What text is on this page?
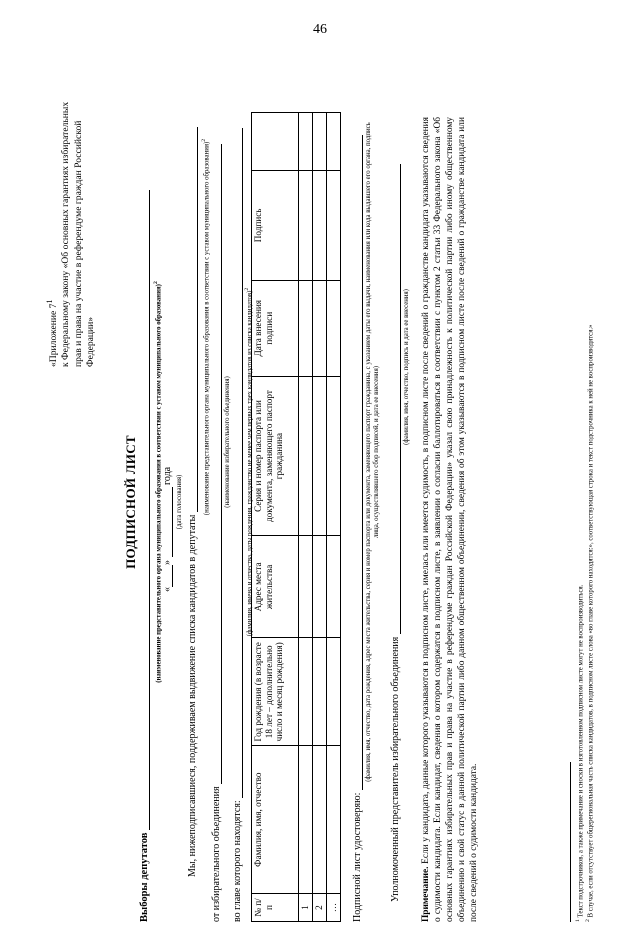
46
«Приложение $7^1$ к Федеральному закону «Об основных гарантиях избирательных прав и права на участие в референдуме граждан Российской Федерации»
ПОДПИСНОЙ ЛИСТ
Выборы депутатов
(наименование представительного органа муниципального образования в соответствии с уставом муниципального образования)$^2$
«»  года (дата голосования)
Мы, нижеподписавшиеся, поддерживаем выдвижение списка кандидатов в депутаты
(наименование представительного органа муниципального образования в соответствии с уставом муниципального образования)$^2$
от избирательного объединения
(наименование избирательного объединения)
во главе которого находятся:
(фамилии, имена и отчества, даты рождения, гражданство не менее чем первых трех кандидатов из списка кандидатов)$^2$
№ п/п	Фамилия, имя, отчество	Год рождения (в возрасте 18 лет – дополнительно число и месяц рождения)	Адрес места жительства	Серия и номер паспорта или документа, заменяющего паспорт гражданина	Дата внесения подписи	Подпись	
1							
2							
…							Подписной лист удостоверяю:
(фамилия, имя, отчество, дата рождения, адрес места жительства, серия и номер паспорта или документа, заменяющего паспорт гражданина, с указанием даты его выдачи, наименования или кода выдавшего его органа, подпись лица, осуществлявшего сбор подписей, и дата ее внесения)
Уполномоченный представитель избирательного объединения
(фамилия, имя, отчество, подпись и дата ее внесения)
Примечание. Если у кандидата, данные которого указываются в подписном листе, имелась или имеется судимость, в подписном листе после сведений о гражданстве кандидата указываются сведения о судимости кандидата. Если кандидат, сведения о котором содержатся в подписном листе, в заявлении о согласии баллотироваться в соответствии с пунктом 2 статьи 33 Федерального закона «Об основных гарантиях избирательных прав и права на участие в референдуме граждан Российской Федерации» указал свою принадлежность к политической партии либо иному общественному объединению и свой статус в данной политической партии либо данном общественном объединении, сведения об этом указываются в подписном листе после сведений о гражданстве кандидата или после сведений о судимости кандидата.	$^1$ Текст подстрочников, а также примечание и сноски в изготовленном подписном листе могут не воспроизводиться.
$^2$ В случае, если отсутствует общерегиональная часть списка кандидатов, в подписном листе слова «во главе которого находятся:», соответствующая строка и текст подстрочника к ней не воспроизводятся.»
